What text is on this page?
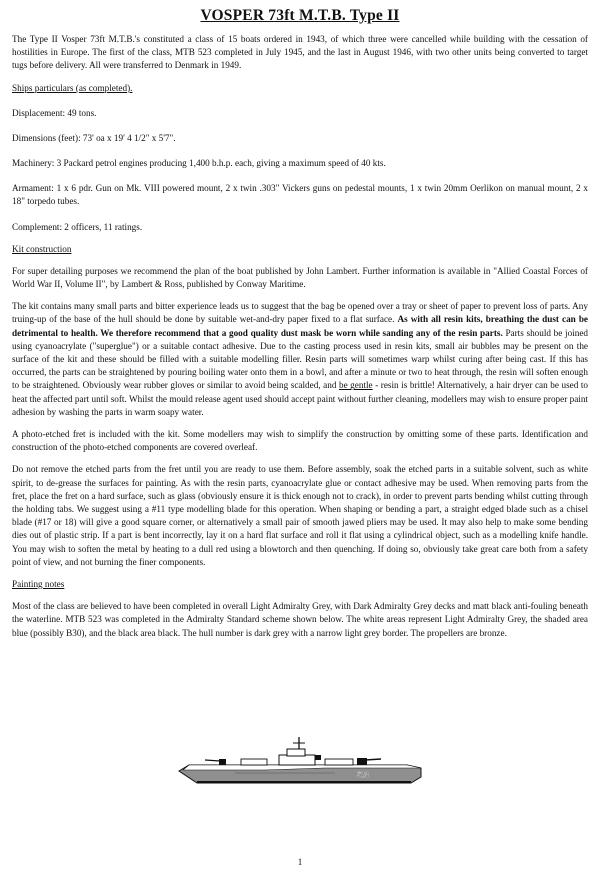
VOSPER 73ft M.T.B. Type II

The Type II Vosper 73ft M.T.B.'s constituted a class of 15 boats ordered in 1943, of which three were cancelled while building with the cessation of hostilities in Europe. The first of the class, MTB 523 completed in July 1945, and the last in August 1946, with two other units being converted to target tugs before delivery. All were transferred to Denmark in 1949.

Ships particulars (as completed).

Displacement: 49 tons.

Dimensions (feet): 73' oa x 19' 4 1/2" x 5'7".

Machinery: 3 Packard petrol engines producing 1,400 b.h.p. each, giving a maximum speed of 40 kts.

Armament: 1 x 6 pdr. Gun on Mk. VIII powered mount, 2 x twin .303" Vickers guns on pedestal mounts, 1 x twin 20mm Oerlikon on manual mount, 2 x 18" torpedo tubes.

Complement: 2 officers, 11 ratings.

Kit construction

For super detailing purposes we recommend the plan of the boat published by John Lambert. Further information is available in "Allied Coastal Forces of World War II, Volume II", by Lambert & Ross, published by Conway Maritime.

The kit contains many small parts and bitter experience leads us to suggest that the bag be opened over a tray or sheet of paper to prevent loss of parts. Any truing-up of the base of the hull should be done by suitable wet-and-dry paper fixed to a flat surface. As with all resin kits, breathing the dust can be detrimental to health. We therefore recommend that a good quality dust mask be worn while sanding any of the resin parts. Parts should be joined using cyanoacrylate ("superglue") or a suitable contact adhesive. Due to the casting process used in resin kits, small air bubbles may be present on the surface of the kit and these should be filled with a suitable modelling filler. Resin parts will sometimes warp whilst curing after being cast. If this has occurred, the parts can be straightened by pouring boiling water onto them in a bowl, and after a minute or two to heat through, the resin will soften enough to be straightened. Obviously wear rubber gloves or similar to avoid being scalded, and be gentle - resin is brittle! Alternatively, a hair dryer can be used to heat the affected part until soft. Whilst the mould release agent used should accept paint without further cleaning, modellers may wish to ensure proper paint adhesion by washing the parts in warm soapy water.

A photo-etched fret is included with the kit. Some modellers may wish to simplify the construction by omitting some of these parts. Identification and construction of the photo-etched components are covered overleaf.

Do not remove the etched parts from the fret until you are ready to use them. Before assembly, soak the etched parts in a suitable solvent, such as white spirit, to de-grease the surfaces for painting. As with the resin parts, cyanoacrylate glue or contact adhesive may be used. When removing parts from the fret, place the fret on a hard surface, such as glass (obviously ensure it is thick enough not to crack), in order to prevent parts bending whilst cutting through the holding tabs. We suggest using a #11 type modelling blade for this operation. When shaping or bending a part, a straight edged blade such as a chisel blade (#17 or 18) will give a good square corner, or alternatively a small pair of smooth jawed pliers may be used. It may also help to make some bending dies out of plastic strip. If a part is bent incorrectly, lay it on a hard flat surface and roll it flat using a cylindrical object, such as a modelling knife handle. You may wish to soften the metal by heating to a dull red using a blowtorch and then quenching. If doing so, obviously take great care both from a safety point of view, and not burning the finer components.

Painting notes

Most of the class are believed to have been completed in overall Light Admiralty Grey, with Dark Admiralty Grey decks and matt black anti-fouling beneath the waterline. MTB 523 was completed in the Admiralty Standard scheme shown below. The white areas represent Light Admiralty Grey, the shaded area blue (possibly B30), and the black area black. The hull number is dark grey with a narrow light grey border. The propellers are bronze.

523
1
